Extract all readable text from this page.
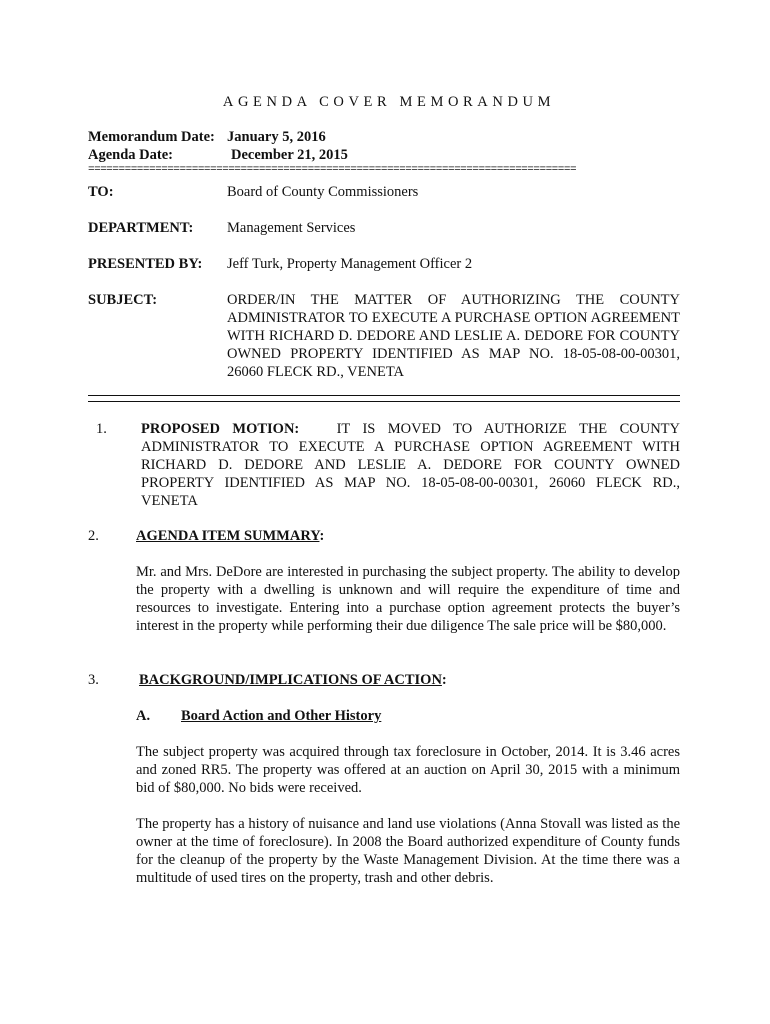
AGENDA COVER MEMORANDUM
Memorandum Date: January 5, 2016
Agenda Date:	December 21, 2015
================================================================================
TO:	Board of County Commissioners
DEPARTMENT: Management Services
PRESENTED BY: Jeff Turk, Property Management Officer 2
SUBJECT:	ORDER/IN THE MATTER OF AUTHORIZING THE COUNTY ADMINISTRATOR TO EXECUTE A PURCHASE OPTION AGREEMENT WITH RICHARD D. DEDORE AND LESLIE A. DEDORE FOR COUNTY OWNED PROPERTY IDENTIFIED AS MAP NO. 18-05-08-00-00301, 26060 FLECK RD., VENETA
1. PROPOSED MOTION:	IT IS MOVED TO AUTHORIZE THE COUNTY ADMINISTRATOR TO EXECUTE A PURCHASE OPTION AGREEMENT WITH RICHARD D. DEDORE AND LESLIE A. DEDORE FOR COUNTY OWNED PROPERTY IDENTIFIED AS MAP NO. 18-05-08-00-00301, 26060 FLECK RD., VENETA
2.	AGENDA ITEM SUMMARY:
Mr. and Mrs. DeDore are interested in purchasing the subject property. The ability to develop the property with a dwelling is unknown and will require the expenditure of time and resources to investigate. Entering into a purchase option agreement protects the buyer’s interest in the property while performing their due diligence The sale price will be $80,000.
3.	BACKGROUND/IMPLICATIONS OF ACTION:
A. Board Action and Other History
The subject property was acquired through tax foreclosure in October, 2014. It is 3.46 acres and zoned RR5. The property was offered at an auction on April 30, 2015 with a minimum bid of $80,000. No bids were received.
The property has a history of nuisance and land use violations (Anna Stovall was listed as the owner at the time of foreclosure). In 2008 the Board authorized expenditure of County funds for the cleanup of the property by the Waste Management Division. At the time there was a multitude of used tires on the property, trash and other debris.
